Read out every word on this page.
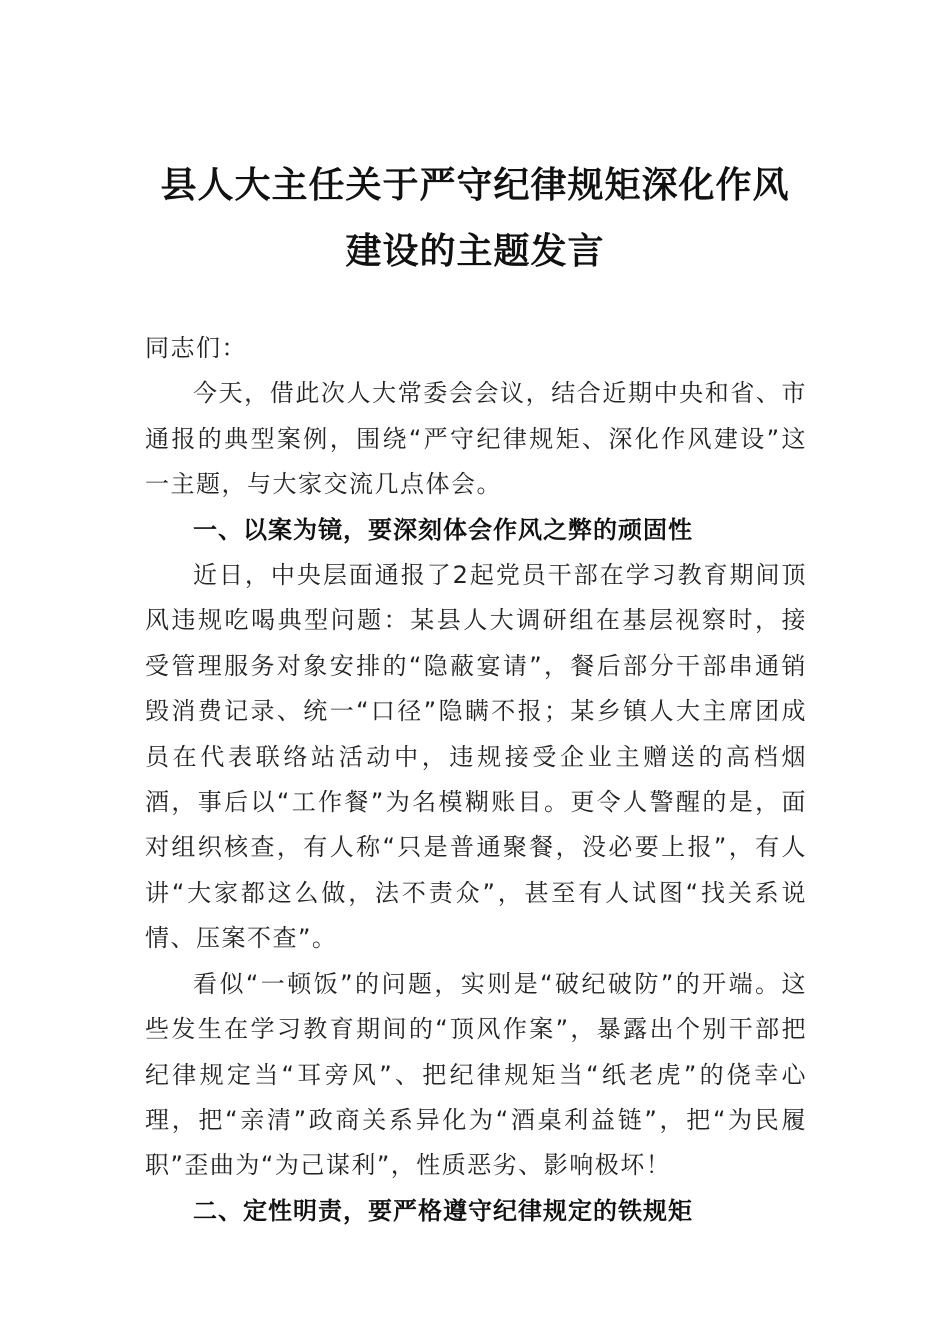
县人大主任关于严守纪律规矩深化作风建设的主题发言

同志们：

今天，借此次人大常委会会议，结合近期中央和省、市通报的典型案例，围绕“严守纪律规矩、深化作风建设”这一主题，与大家交流几点体会。

一、以案为镜，要深刻体会作风之弊的顽固性

近日，中央层面通报了2起党员干部在学习教育期间顶风违规吃喝典型问题：某县人大调研组在基层视察时，接受管理服务对象安排的“隐蔽宴请”，餐后部分干部串通销毁消费记录、统一“口径”隐瞒不报；某乡镇人大主席团成员在代表联络站活动中，违规接受企业主赠送的高档烟酒，事后以“工作餐”为名模糊账目。更令人警醒的是，面对组织核查，有人称“只是普通聚餐，没必要上报”，有人讲“大家都这么做，法不责众”，甚至有人试图“找关系说情、压案不查”。

看似“一顿饭”的问题，实则是“破纪破防”的开端。这些发生在学习教育期间的“顶风作案”，暴露出个别干部把纪律规定当“耳旁风”、把纪律规矩当“纸老虎”的侥幸心理，把“亲清”政商关系异化为“酒桌利益链”，把“为民履职”歪曲为“为己谋利”，性质恶劣、影响极坏！

二、定性明责，要严格遵守纪律规定的铁规矩
